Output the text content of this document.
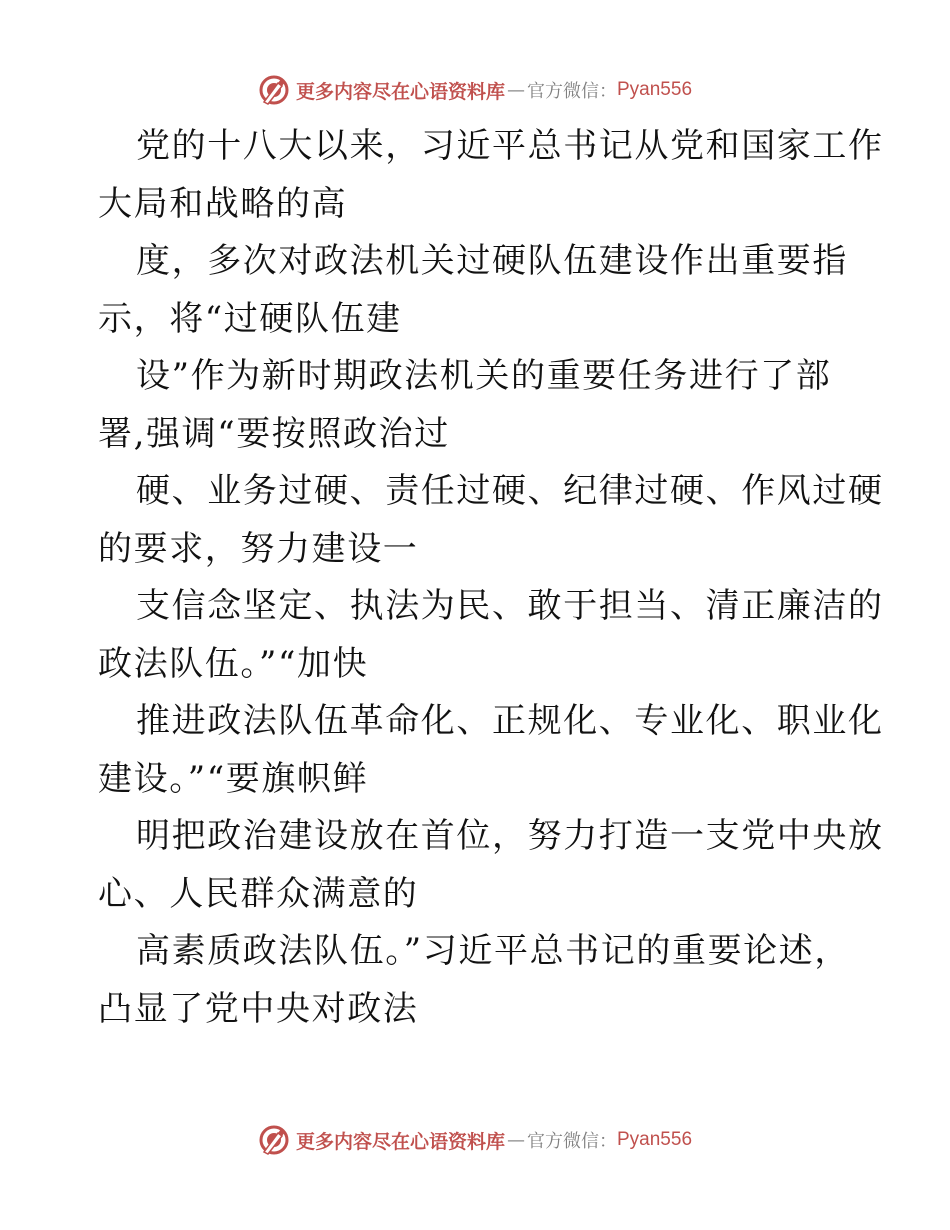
更多内容尽在心语资料库 — 官方微信： Pyan556
党的十八大以来，习近平总书记从党和国家工作
大局和战略的高
度，多次对政法机关过硬队伍建设作出重要指
示，将“过硬队伍建
设”作为新时期政法机关的重要任务进行了部
署,强调“要按照政治过
硬、业务过硬、责任过硬、纪律过硬、作风过硬
的要求，努力建设一
支信念坚定、执法为民、敢于担当、清正廉洁的
政法队伍。”“加快
推进政法队伍革命化、正规化、专业化、职业化
建设。”“要旗帜鲜
明把政治建设放在首位，努力打造一支党中央放
心、人民群众满意的
高素质政法队伍。”习近平总书记的重要论述，
凸显了党中央对政法
更多内容尽在心语资料库 — 官方微信： Pyan556
